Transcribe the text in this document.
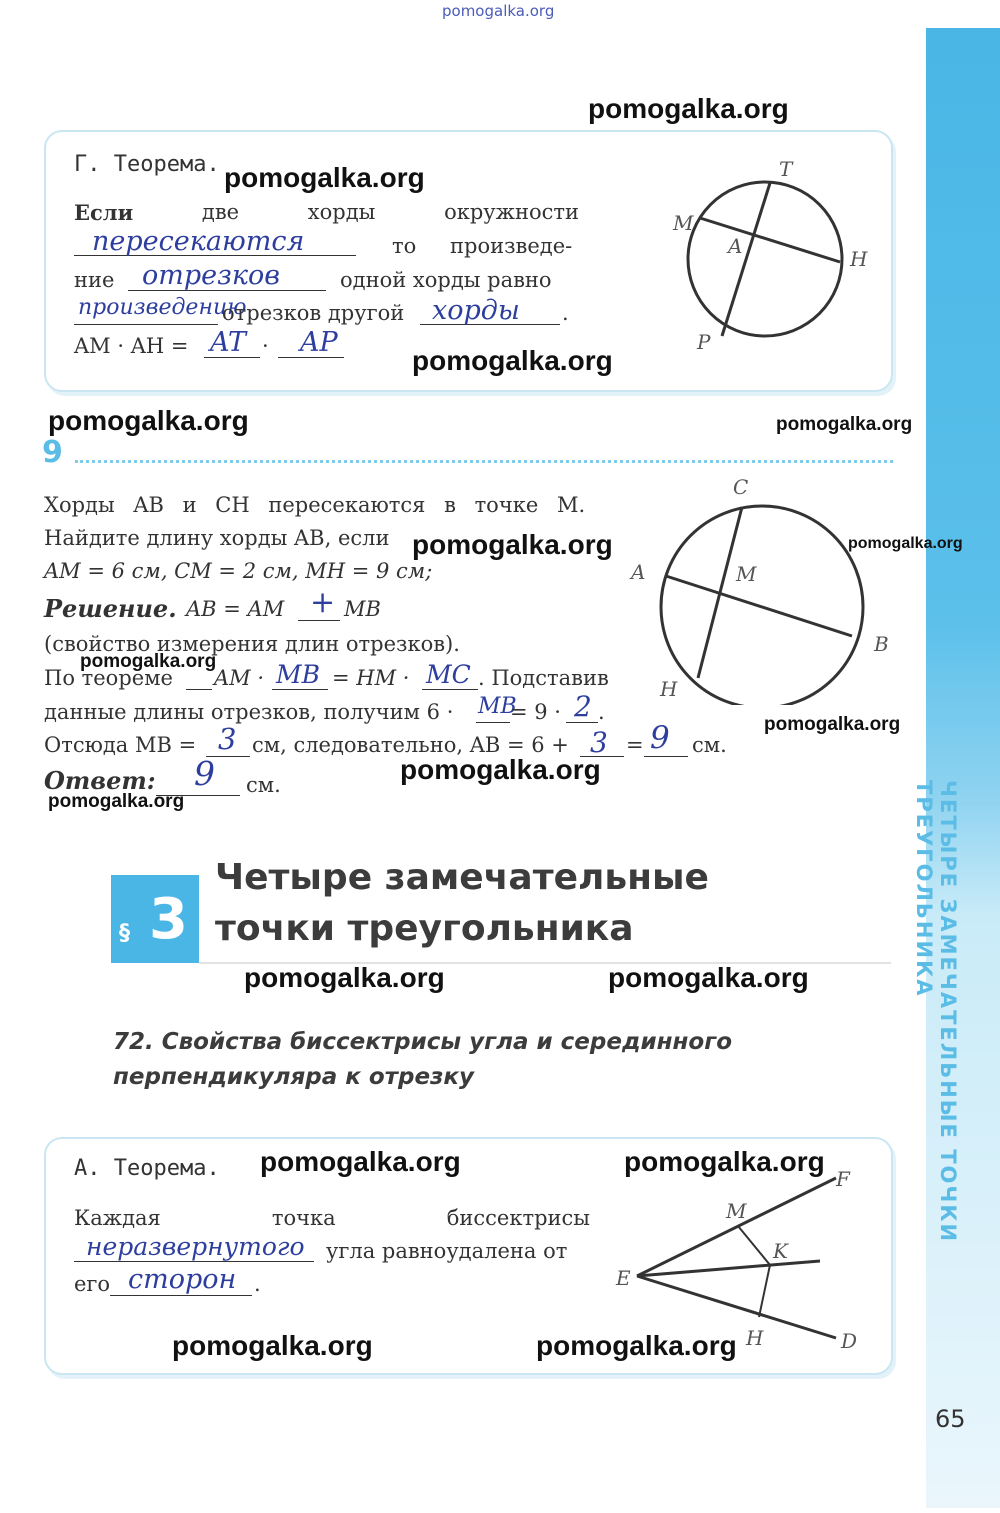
ЧЕТЫРЕ ЗАМЕЧАТЕЛЬНЫЕ ТОЧКИ ТРЕУГОЛЬНИКА
65
pomogalka.org
pomogalka.org
pomogalka.org
pomogalka.org
pomogalka.org	pomogalka.org
pomogalka.org	pomogalka.org
pomogalka.org
pomogalka.org
pomogalka.org
pomogalka.org
pomogalka.org	pomogalka.org
pomogalka.org	pomogalka.org
pomogalka.org	pomogalka.org
Г. Теорема.
Если	две	хорды	окружности
пересекаются	то произведе-
ние отрезков	одной хорды равно
произведению
отрезков другой хорды .
AM · AH = AT · AP
T
M
A
H
P
9
Хорды AB и CH пересекаются в точке M.
Найдите длину хорды AB, если
AM = 6 см, CM = 2 см, MH = 9 см;
Решение. AB = AM + MB
(свойство измерения длин отрезков).
По теореме AM · MB = HM · MC . Подставив
данные длины отрезков, получим 6 · MB
= 9 · 2 .
Отсюда MB = 3 см, следовательно, AB = 6 + 3 = 9 см.
Ответ: 9 см.
C
A	M
B
H
§ 3
Четыре замечательные
точки треугольника
72. Свойства биссектрисы угла и серединного
перпендикуляра к отрезку
А. Теорема.
Каждая	точка	биссектрисы
неразвернутого угла равноудалена от
его сторон .
F
M
K
E
H	D
